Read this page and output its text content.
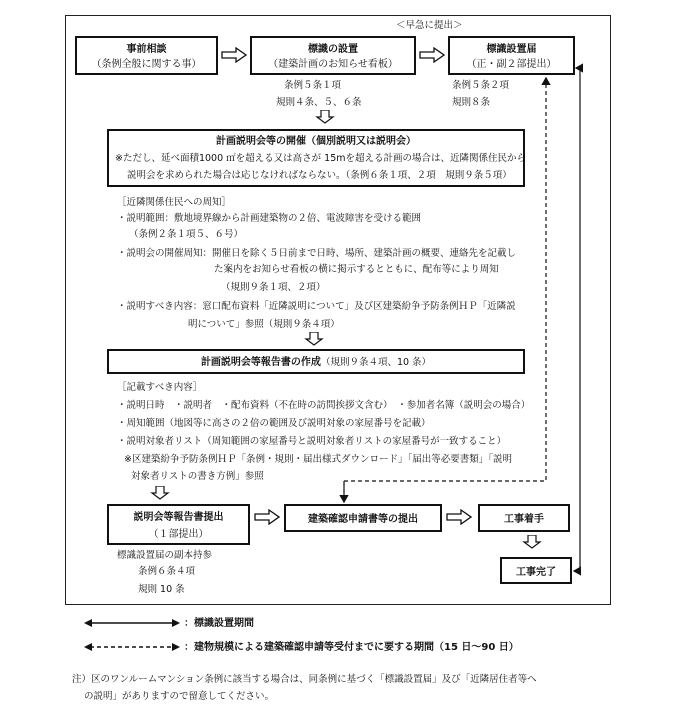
＜早急に提出＞
事前相談
（条例全般に関する事）
標識の設置
（建築計画のお知らせ看板）
条例５条１項
規則４条、５、６条
標識設置届
（正・副２部提出）
条例５条２項
規則８条
計画説明会等の開催（個別説明又は説明会）
※ただし、延べ面積1000 ㎡を超える又は高さが 15mを超える計画の場合は、近隣関係住民から
説明会を求められた場合は応じなければならない。（条例６条１項、２項　規則９条５項）
［近隣関係住民への周知］
・説明範囲：敷地境界線から計画建築物の２倍、電波障害を受ける範囲
（条例２条１項５、６号）
・説明会の開催周知：開催日を除く５日前まで日時、場所、建築計画の概要、連絡先を記載し
た案内をお知らせ看板の横に掲示するとともに、配布等により周知
（規則９条１項、２項）
・説明すべき内容：窓口配布資料「近隣説明について」及び区建築紛争予防条例ＨＰ「近隣説
明について」参照（規則９条４項）
計画説明会等報告書の作成（規則９条４項、10 条）
［記載すべき内容］
・説明日時　・説明者　・配布資料（不在時の訪問挨拶文含む）　・参加者名簿（説明会の場合）
・周知範囲（地図等に高さの２倍の範囲及び説明対象の家屋番号を記載）
・説明対象者リスト（周知範囲の家屋番号と説明対象者リストの家屋番号が一致すること）
※区建築紛争予防条例ＨＰ「条例・規則・届出様式ダウンロード」「届出等必要書類」「説明
対象者リストの書き方例」参照
説明会等報告書提出
（１部提出）
標識設置届の副本持参
条例６条４項
規則 10 条
建築確認申請書等の提出	工事着手
工事完了
：標識設置期間
：建物規模による建築確認申請等受付までに要する期間（15 日～90 日）
注）区のワンルームマンション条例に該当する場合は、同条例に基づく「標識設置届」及び「近隣居住者等へ
の説明」がありますので留意してください。
